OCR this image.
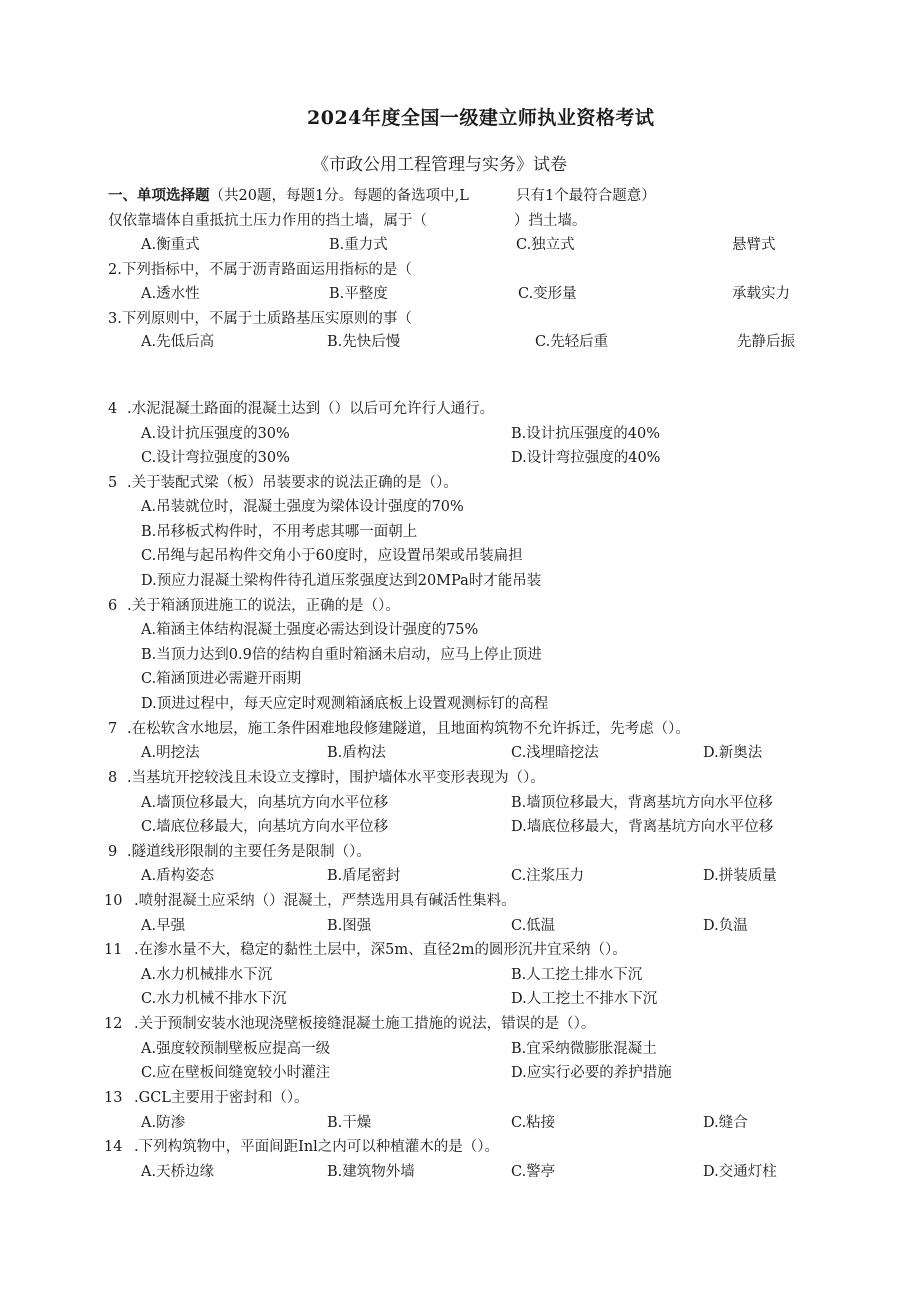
2024年度全国一级建立师执业资格考试
《市政公用工程管理与实务》试卷
一、单项选择题（共20题，每题1分。每题的备选项中,L	只有1个最符合题意）
仅依靠墙体自重抵抗土压力作用的挡土墙，属于（	）挡土墙。
A.衡重式	B.重力式	C.独立式	悬臂式
2.下列指标中，不属于沥青路面运用指标的是（
A.透水性	B.平整度	C.变形量	承载实力
3.下列原则中，不属于土质路基压实原则的事（
A.先低后高	B.先快后慢	C.先轻后重	先静后振
4 .水泥混凝土路面的混凝土达到（）以后可允许行人通行。
A.设计抗压强度的30%	B.设计抗压强度的40%
C.设计弯拉强度的30%	D.设计弯拉强度的40%
5 .关于装配式梁（板）吊装要求的说法正确的是（）。
A.吊装就位时，混凝土强度为梁体设计强度的70%
B.吊移板式构件时，不用考虑其哪一面朝上
C.吊绳与起吊构件交角小于60度时，应设置吊架或吊装扁担
D.预应力混凝土梁构件待孔道压浆强度达到20MPa时才能吊装
6 .关于箱涵顶进施工的说法，正确的是（）。
A.箱涵主体结构混凝土强度必需达到设计强度的75%
B.当顶力达到0.9倍的结构自重时箱涵未启动，应马上停止顶进
C.箱涵顶进必需避开雨期
D.顶进过程中，每天应定时观测箱涵底板上设置观测标钉的高程
7 .在松软含水地层，施工条件困难地段修建隧道，且地面构筑物不允许拆迁，先考虑（）。
A.明挖法	B.盾构法	C.浅埋暗挖法	D.新奥法
8 .当基坑开挖较浅且未设立支撑时，围护墙体水平变形表现为（）。
A.墙顶位移最大，向基坑方向水平位移	B.墙顶位移最大，背离基坑方向水平位移
C.墙底位移最大，向基坑方向水平位移	D.墙底位移最大，背离基坑方向水平位移
9 .隧道线形限制的主要任务是限制（）。
A.盾构姿态	B.盾尾密封	C.注浆压力	D.拼装质量
10 .喷射混凝土应采纳（）混凝土，严禁选用具有碱活性集料。
A.早强	B.图强	C.低温	D.负温
11 .在渗水量不大，稳定的黏性土层中，深5m、直径2m的圆形沉井宜采纳（）。
A.水力机械排水下沉	B.人工挖土排水下沉
C.水力机械不排水下沉	D.人工挖土不排水下沉
12 .关于预制安装水池现浇壁板接缝混凝土施工措施的说法，错误的是（）。
A.强度较预制壁板应提高一级	B.宜采纳微膨胀混凝土
C.应在壁板间缝宽较小时灌注	D.应实行必要的养护措施
13 .GCL主要用于密封和（）。
A.防渗	B.干燥	C.粘接	D.缝合
14 .下列构筑物中，平面间距Inl之内可以种植灌木的是（）。
A.天桥边缘	B.建筑物外墙	C.警亭	D.交通灯柱
